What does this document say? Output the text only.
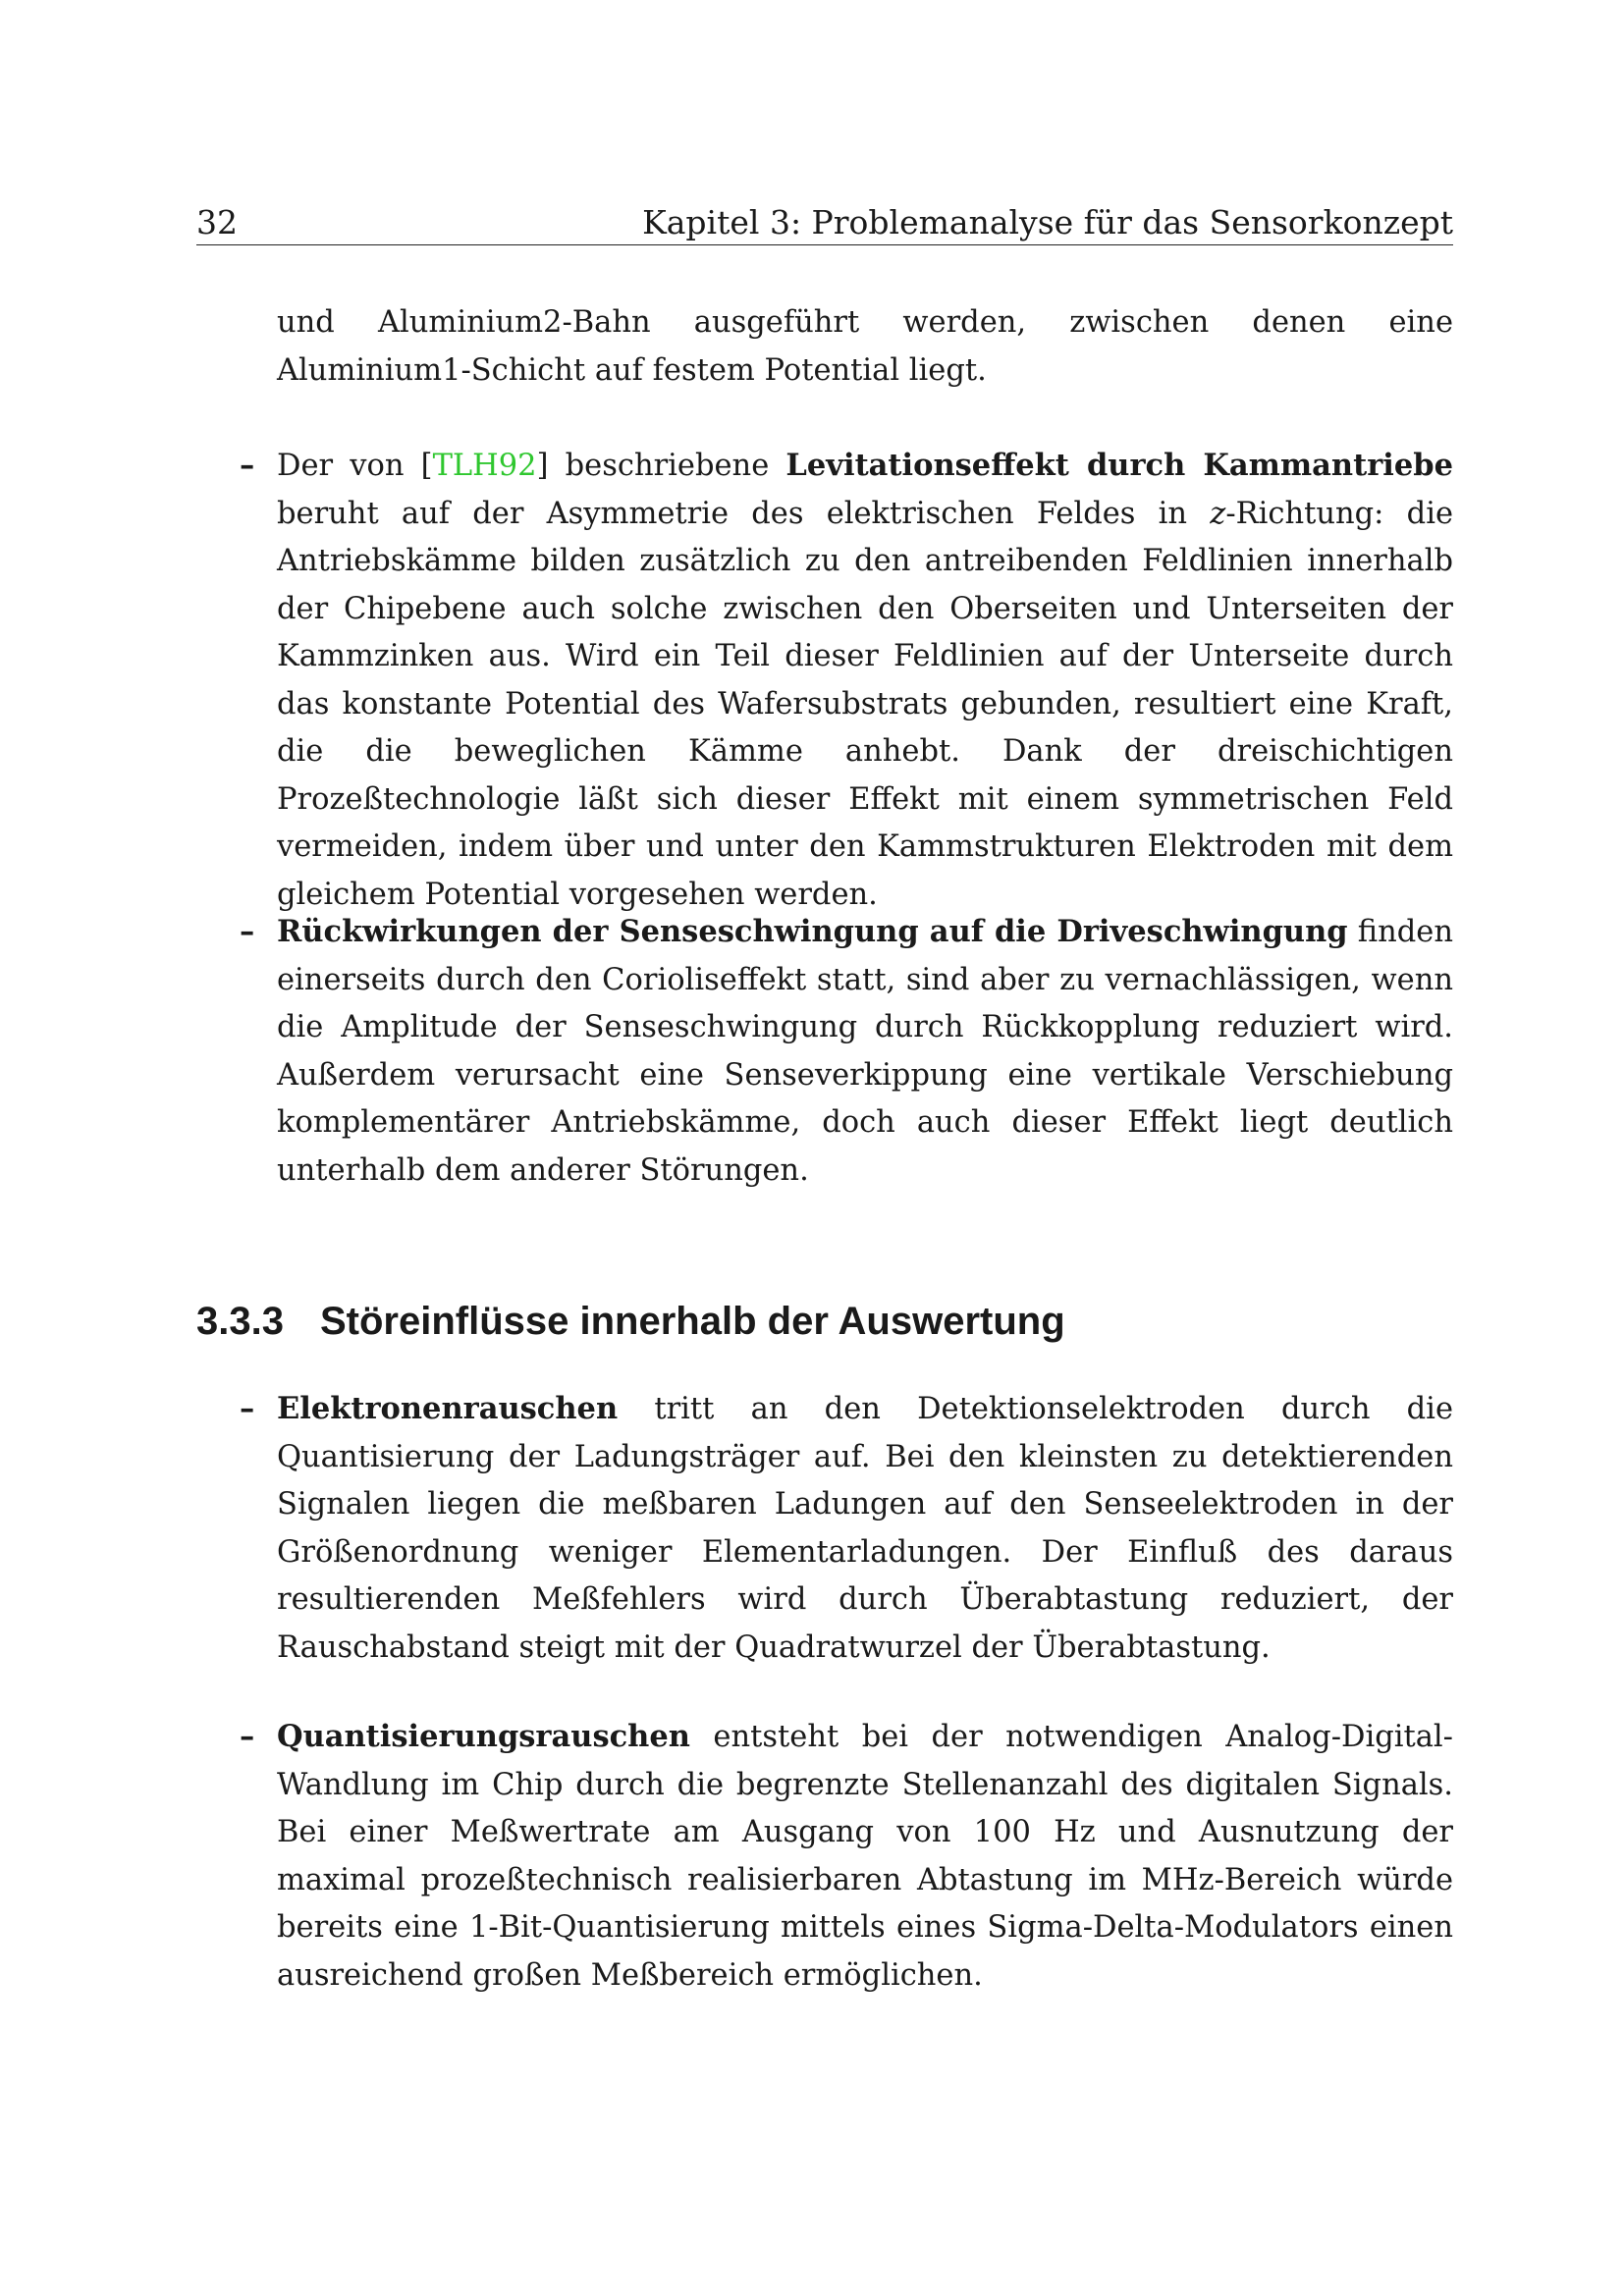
32	Kapitel 3: Problemanalyse für das Sensorkonzept

und Aluminium2-Bahn ausgeführt werden, zwischen denen eine Aluminium1-Schicht auf festem Potential liegt.

– Der von [TLH92] beschriebene Levitationseffekt durch Kammantriebe beruht auf der Asymmetrie des elektrischen Feldes in z-Richtung: die Antriebskämme bilden zusätzlich zu den antreibenden Feldlinien innerhalb der Chipebene auch solche zwischen den Oberseiten und Unterseiten der Kammzinken aus. Wird ein Teil dieser Feldlinien auf der Unterseite durch das konstante Potential des Wafersubstrats gebunden, resultiert eine Kraft, die die beweglichen Kämme anhebt. Dank der dreischichtigen Prozeßtechnologie läßt sich dieser Effekt mit einem symmetrischen Feld vermeiden, indem über und unter den Kammstrukturen Elektroden mit dem gleichem Potential vorgesehen werden.

– Rückwirkungen der Senseschwingung auf die Driveschwingung finden einerseits durch den Corioliseffekt statt, sind aber zu vernachlässigen, wenn die Amplitude der Senseschwingung durch Rückkopplung reduziert wird. Außerdem verursacht eine Senseverkippung eine vertikale Verschiebung komplementärer Antriebskämme, doch auch dieser Effekt liegt deutlich unterhalb dem anderer Störungen.

3.3.3 Störeinflüsse innerhalb der Auswertung
– Elektronenrauschen tritt an den Detektionselektroden durch die Quantisierung der Ladungsträger auf. Bei den kleinsten zu detektierenden Signalen liegen die meßbaren Ladungen auf den Senseelektroden in der Größenordnung weniger Elementarladungen. Der Einfluß des daraus resultierenden Meßfehlers wird durch Überabtastung reduziert, der Rauschabstand steigt mit der Quadratwurzel der Überabtastung.

– Quantisierungsrauschen entsteht bei der notwendigen Analog-Digital-Wandlung im Chip durch die begrenzte Stellenanzahl des digitalen Signals. Bei einer Meßwertrate am Ausgang von 100 Hz und Ausnutzung der maximal prozeßtechnisch realisierbaren Abtastung im MHz-Bereich würde bereits eine 1-Bit-Quantisierung mittels eines Sigma-Delta-Modulators einen ausreichend großen Meßbereich ermöglichen.
